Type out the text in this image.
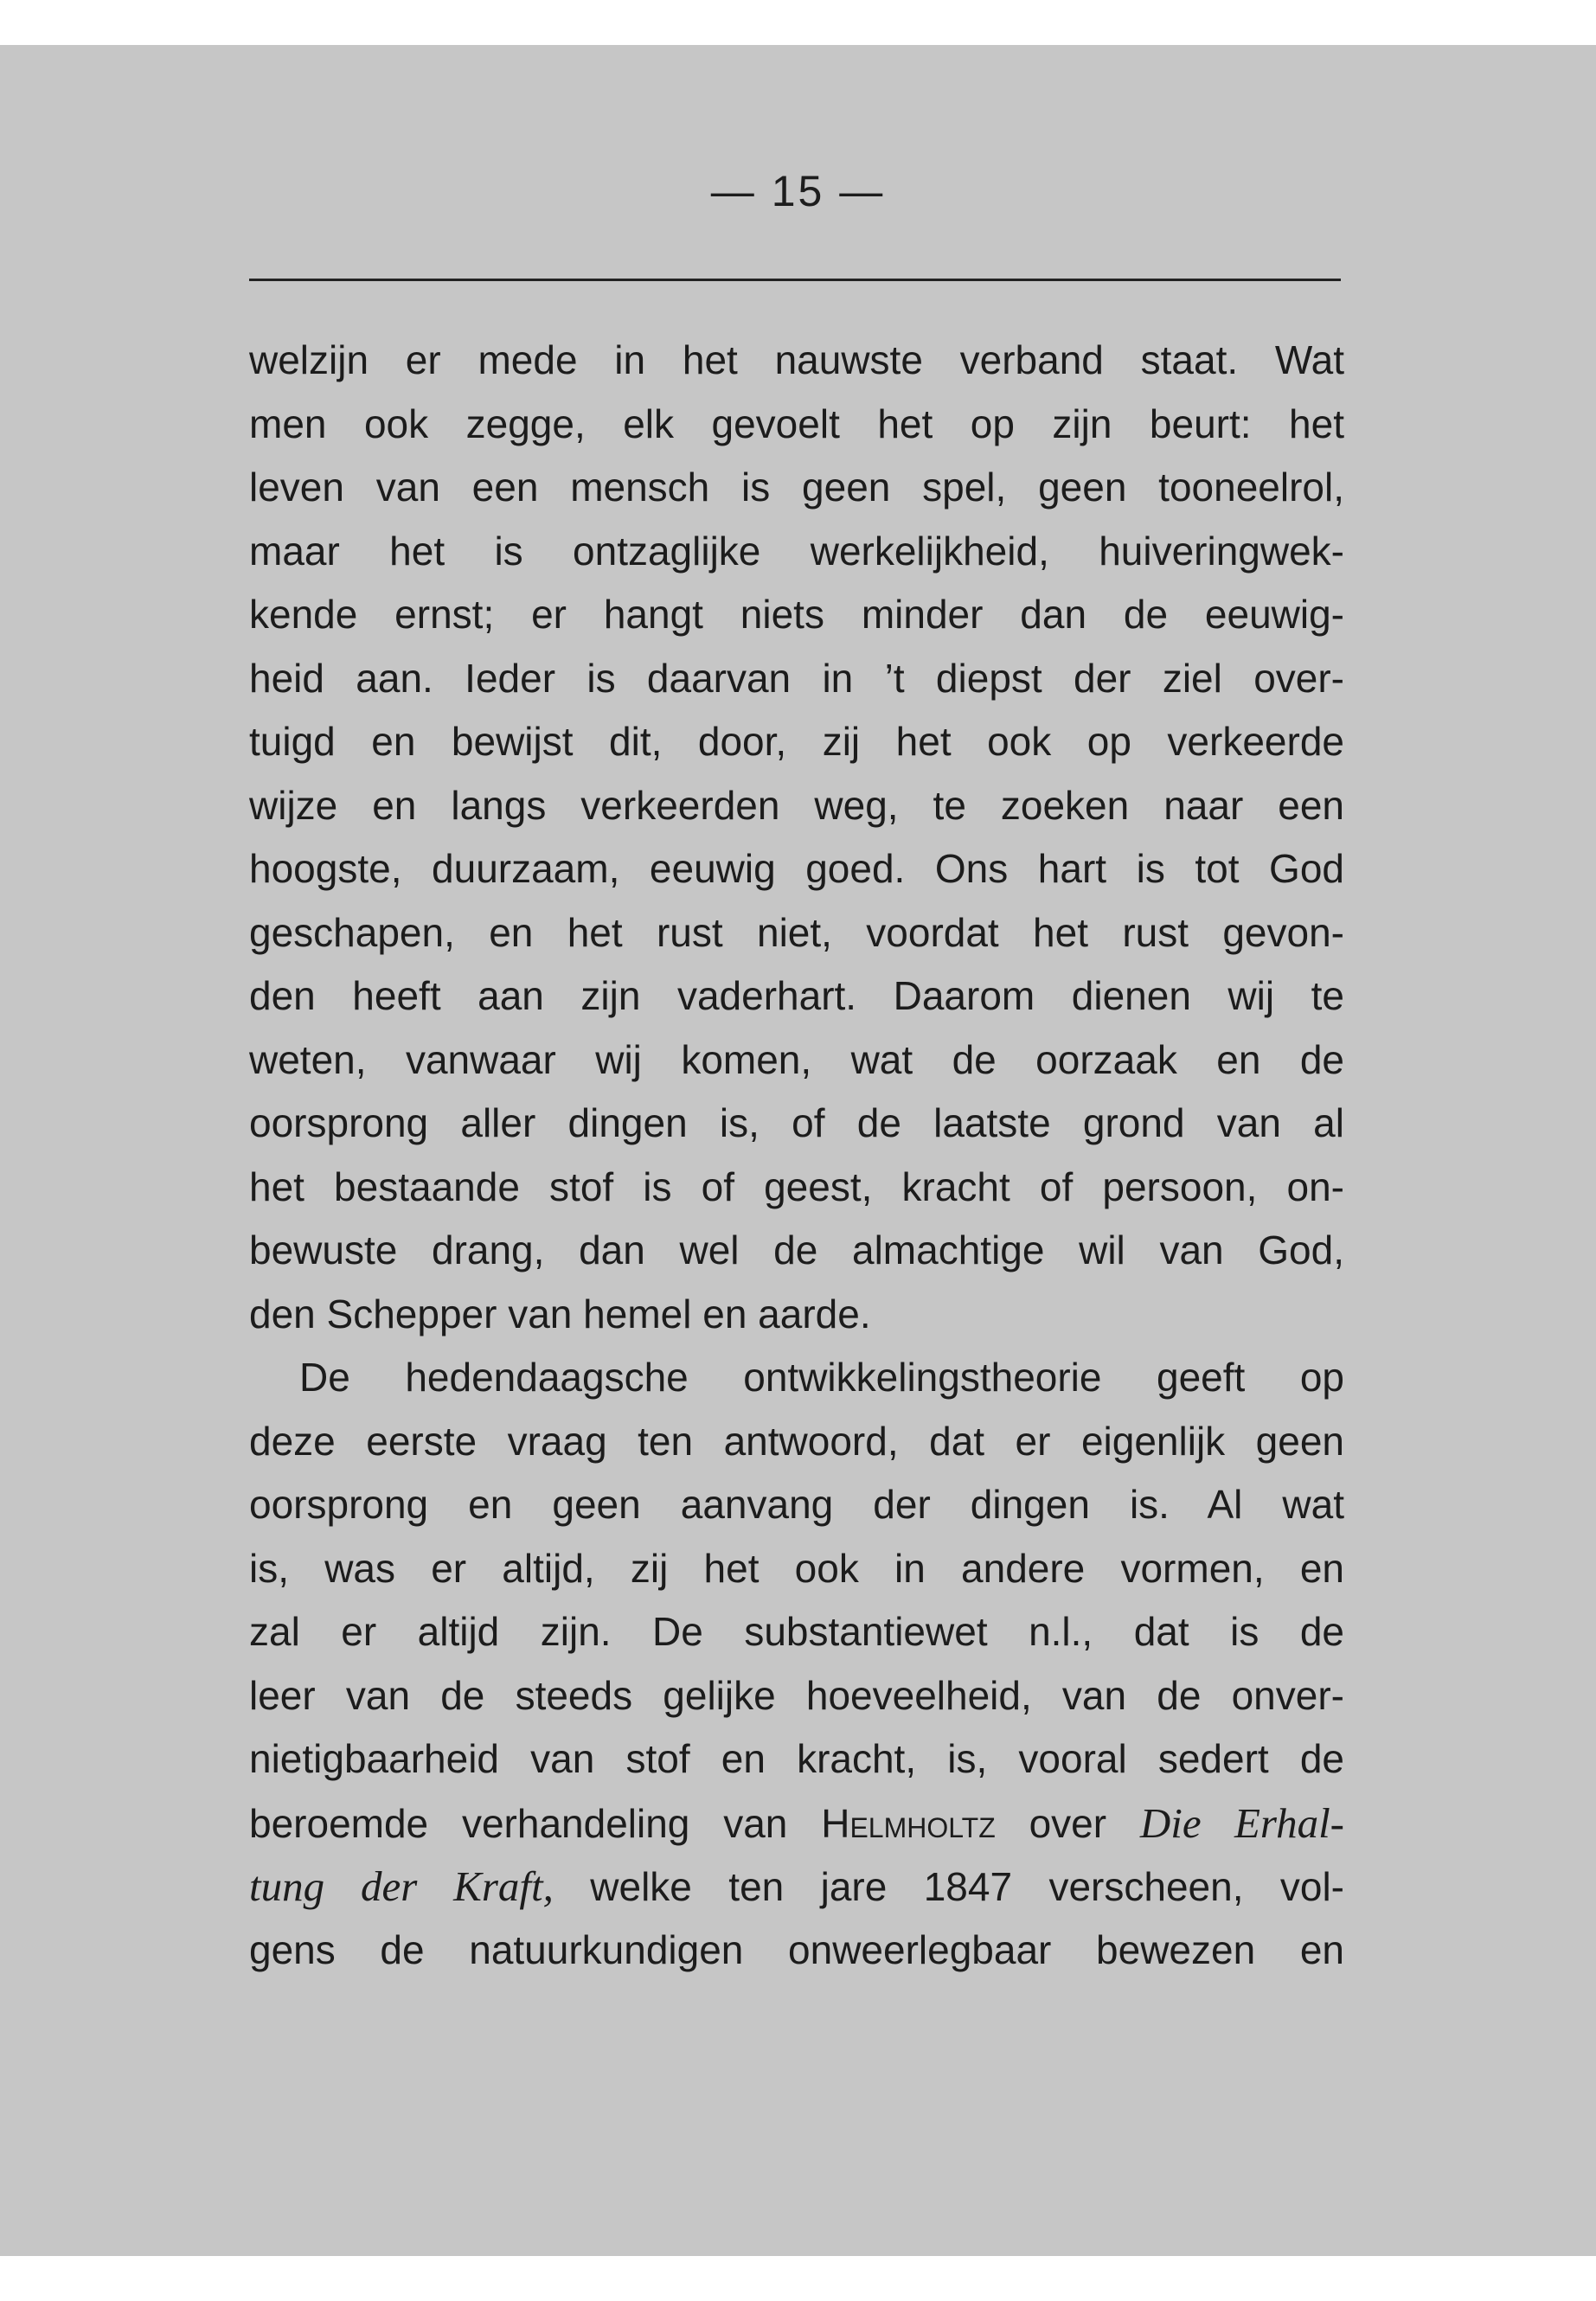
— 15 —
welzijn er mede in het nauwste verband staat. Wat
men ook zegge, elk gevoelt het op zijn beurt: het
leven van een mensch is geen spel, geen tooneelrol,
maar het is ontzaglijke werkelijkheid, huiveringwek-
kende ernst; er hangt niets minder dan de eeuwig-
heid aan. Ieder is daarvan in ’t diepst der ziel over-
tuigd en bewijst dit, door, zij het ook op verkeerde
wijze en langs verkeerden weg, te zoeken naar een
hoogste, duurzaam, eeuwig goed. Ons hart is tot God
geschapen, en het rust niet, voordat het rust gevon-
den heeft aan zijn vaderhart. Daarom dienen wij te
weten, vanwaar wij komen, wat de oorzaak en de
oorsprong aller dingen is, of de laatste grond van al
het bestaande stof is of geest, kracht of persoon, on-
bewuste drang, dan wel de almachtige wil van God,
den Schepper van hemel en aarde.
De hedendaagsche ontwikkelingstheorie geeft op
deze eerste vraag ten antwoord, dat er eigenlijk geen
oorsprong en geen aanvang der dingen is. Al wat
is, was er altijd, zij het ook in andere vormen, en
zal er altijd zijn. De substantiewet n.l., dat is de
leer van de steeds gelijke hoeveelheid, van de onver-
nietigbaarheid van stof en kracht, is, vooral sedert de
beroemde verhandeling van Helmholtz over Die Erhal-
tung der Kraft, welke ten jare 1847 verscheen, vol-
gens de natuurkundigen onweerlegbaar bewezen en
